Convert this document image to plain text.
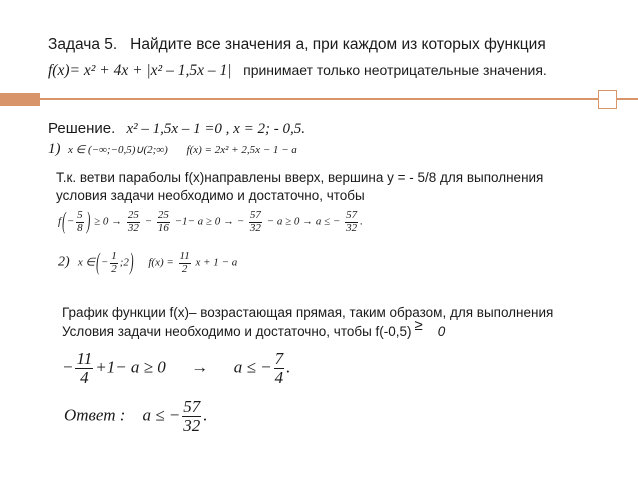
Задача 5. Найдите все значения а, при каждом из которых функция
f(x)= x² + 4x + |x² – 1,5x – 1| принимает только неотрицательные значения.
Решение. x² – 1,5x – 1 =0 , x = 2; - 0,5.
1) x ∈ (−∞;−0,5)∪(2;∞) f(x) = 2x² + 2,5x − 1 − a
Т.к. ветви параболы f(x)направлены вверх, вершина y = - 5/8 для выполнения
условия задачи необходимо и достаточно, чтобы
$f(- \frac{5}{8}$ ) ≥ $0 \to \frac{25}{32} - \frac{25}{16} -1- a \ge 0$ → − $\frac{57}{32} - a \ge 0 \to a$ ≤ − $\frac{57}{32}$ .
2) x ∈(− $\frac{1}{2}$ ;2) $f(x) = \frac{11}{2}$ x + 1 − a
График функции f(x)– возрастающая прямая, таким образом, для выполнения
Условия задачи необходимо и достаточно, чтобы f(-0,5) ≥ 0
− $\frac{11}{4} +1- a \ge 0$      →      a ≤ − $\frac{7}{4}$ .
Ответ : a ≤ − $\frac{57}{32}$ .
